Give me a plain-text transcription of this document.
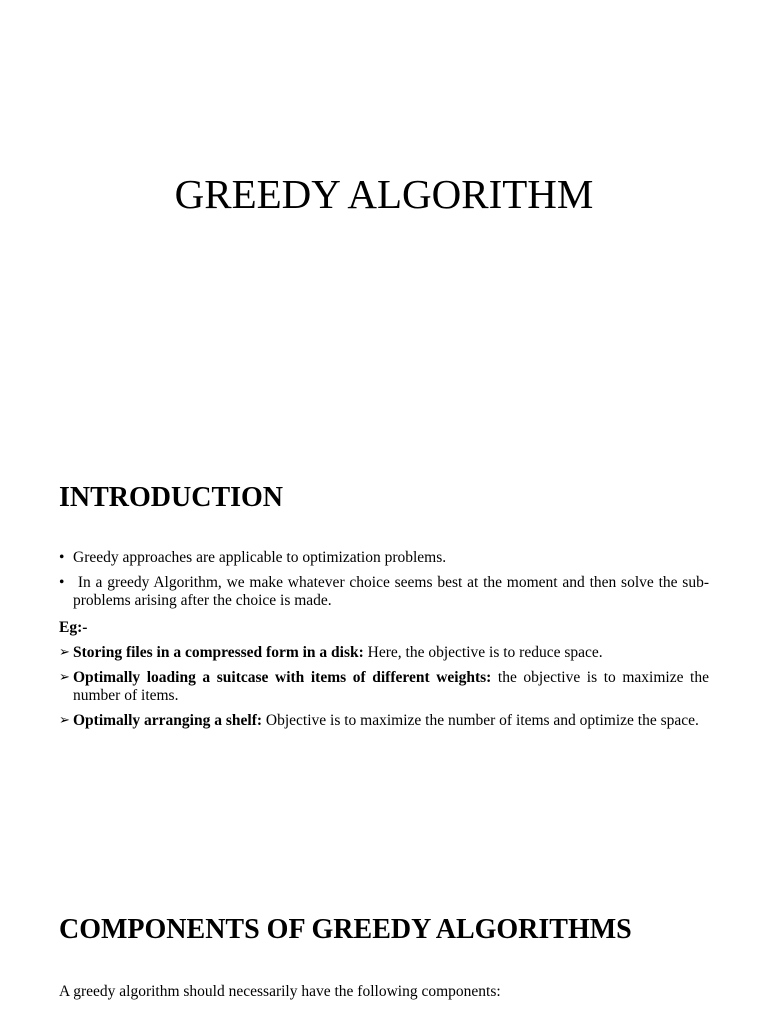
GREEDY ALGORITHM
INTRODUCTION
• Greedy approaches are applicable to optimization problems.
• In a greedy Algorithm, we make whatever choice seems best at the moment and then solve the sub-problems arising after the choice is made.
Eg:-
➢ Storing files in a compressed form in a disk: Here, the objective is to reduce space.
➢ Optimally loading a suitcase with items of different weights: the objective is to maximize the number of items.
➢ Optimally arranging a shelf: Objective is to maximize the number of items and optimize the space.
COMPONENTS OF GREEDY ALGORITHMS

A greedy algorithm should necessarily have the following components:
